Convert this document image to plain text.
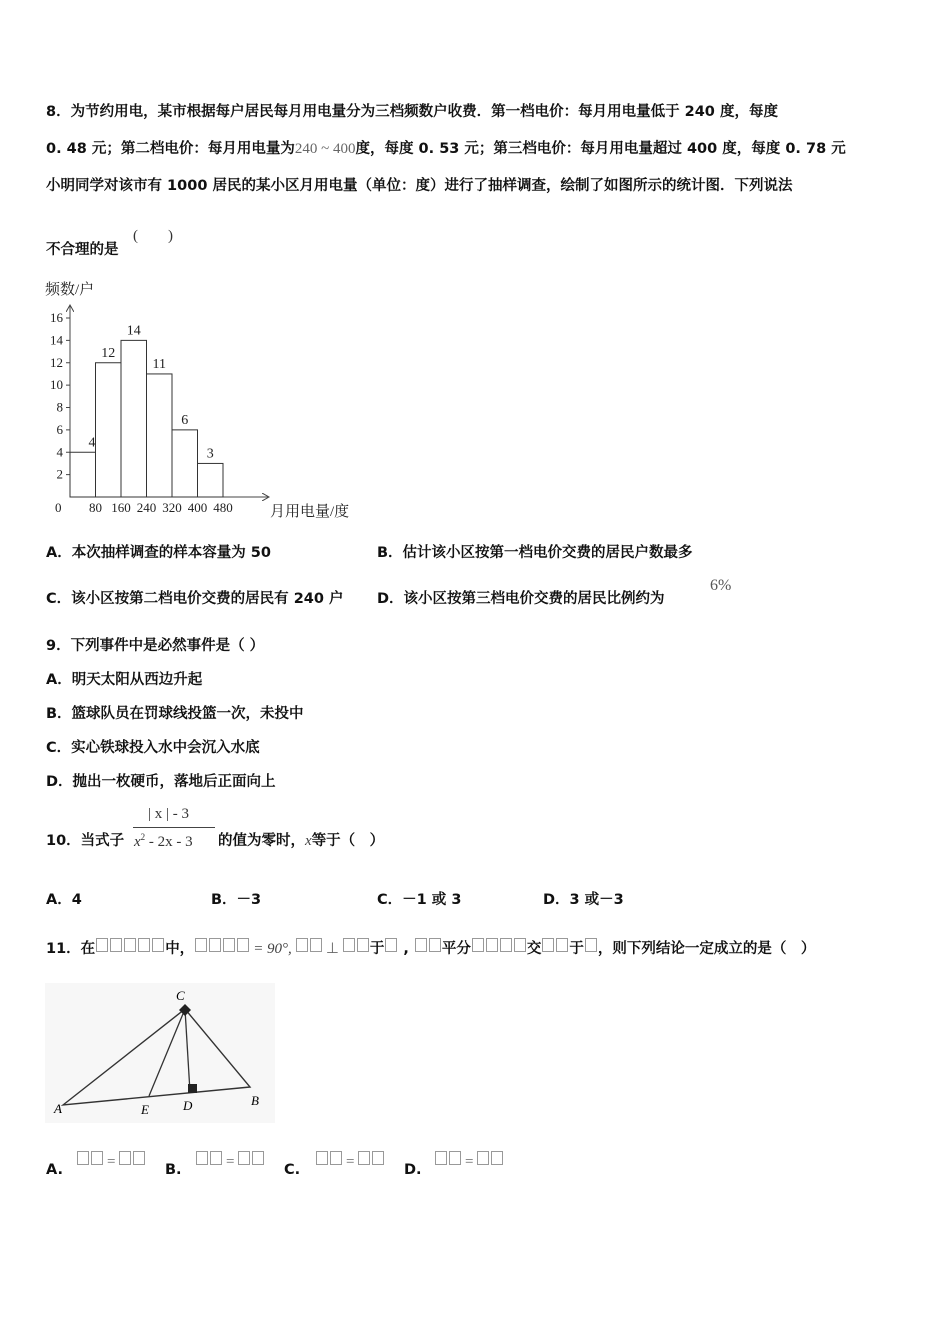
8．为节约用电，某市根据每户居民每月用电量分为三档频数户收费．第一档电价：每月用电量低于 240 度，每度
0. 48 元；第二档电价：每月用电量为240 ~ 400度，每度 0. 53 元；第三档电价：每月用电量超过 400 度，每度 0. 78 元
小明同学对该市有 1000 居民的某小区月用电量（单位：度）进行了抽样调查，绘制了如图所示的统计图．下列说法
不合理的是
(　　)
频数/户
月用电量/度
0
2
4
6
8
10
12
14
16
80 160 240 320 400 480
4
12
14
11
6
3
A．本次抽样调查的样本容量为 50	B．估计该小区按第一档电价交费的居民户数最多
C．该小区按第二档电价交费的居民有 240 户 D．该小区按第三档电价交费的居民比例约为
6%
9．下列事件中是必然事件是（ ）
A．明天太阳从西边升起
B．篮球队员在罚球线投篮一次，未投中
C．实心铁球投入水中会沉入水底
D．抛出一枚硬币，落地后正面向上
10．当式子
| x | - 3
$x^2 - 2x - 3$ 的值为零时，x等于（　）
A．4	B．－3	C．－1 或 3	D．3 或－3
11．在	中，	= 90°, ⊥ 于 , 平分	交 于 ，则下列结论一定成立的是（　）
C
A	E	D	B
A.	=	B.	=	C.	=	D.	=
